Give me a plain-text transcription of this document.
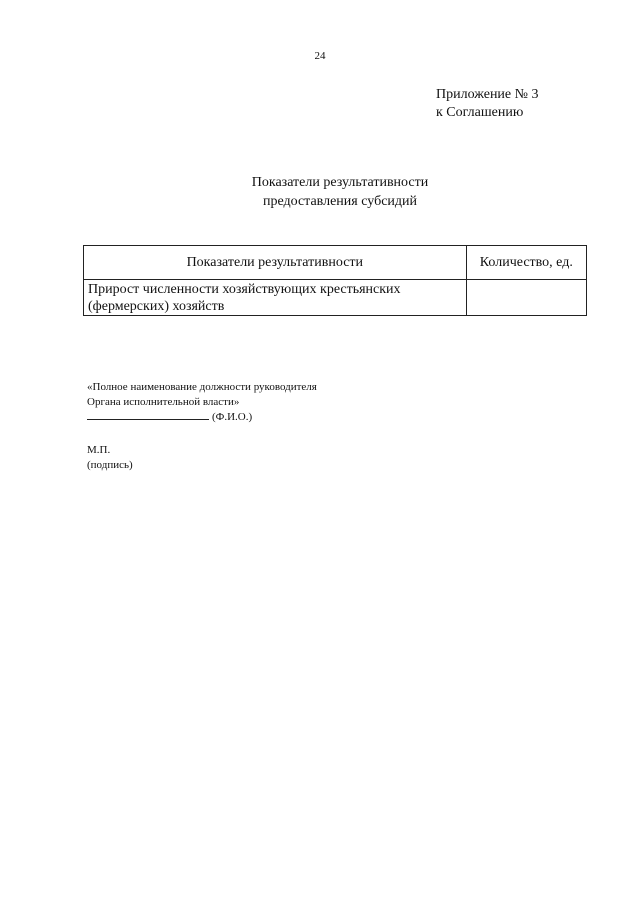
24
Приложение № 3
к Соглашению
Показатели результативности
предоставления субсидий
Показатели результативности	Количество, ед.
Прирост численности хозяйствующих крестьянских (фермерских) хозяйств	
«Полное наименование должности руководителя
Органа исполнительной власти»
(Ф.И.О.)
М.П.
(подпись)
